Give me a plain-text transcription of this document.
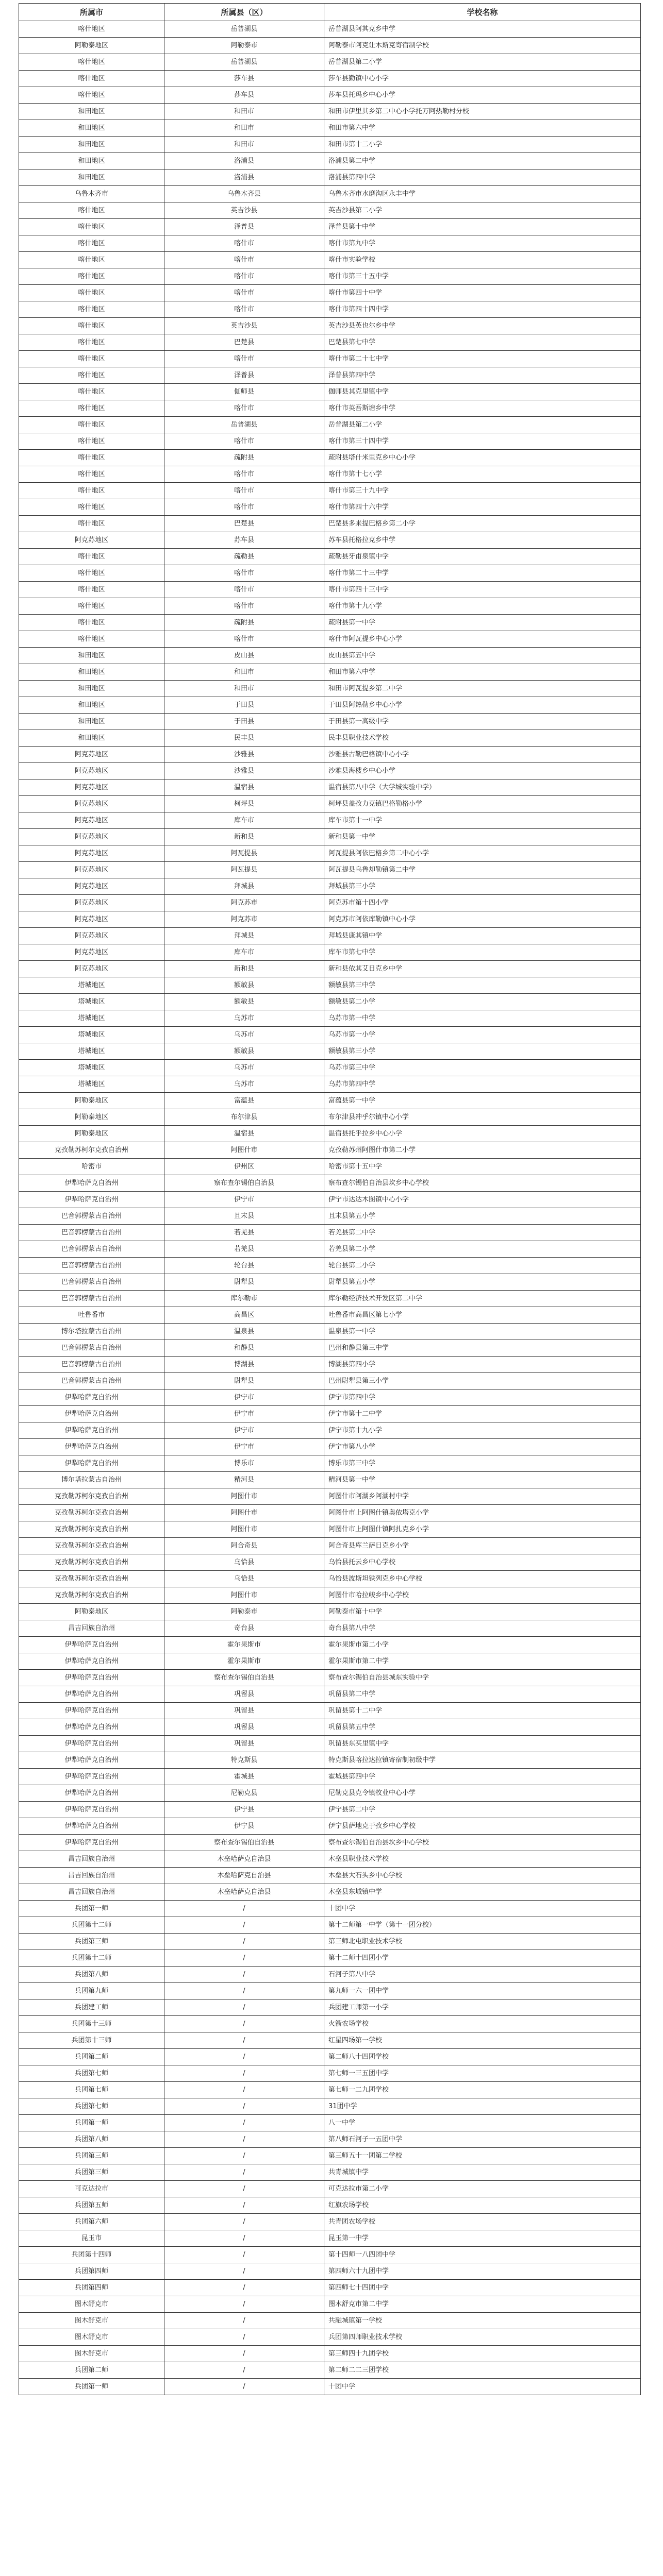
所属市	所属县（区）	学校名称
喀什地区	岳普湖县	岳普湖县阿其克乡中学
阿勒泰地区	阿勒泰市	阿勒泰市阿克让木斯克寄宿制学校
喀什地区	岳普湖县	岳普湖县第二小学
喀什地区	莎车县	莎车县勤镇中心小学
喀什地区	莎车县	莎车县托玛乡中心小学
和田地区	和田市	和田市伊里其乡第二中心小学托万阿热勒村分校
和田地区	和田市	和田市第六中学
和田地区	和田市	和田市第十二小学
和田地区	洛浦县	洛浦县第二中学
和田地区	洛浦县	洛浦县第四中学
乌鲁木齐市	乌鲁木齐县	乌鲁木齐市水磨沟区永丰中学
喀什地区	英吉沙县	英吉沙县第二小学
喀什地区	泽普县	泽普县第十中学
喀什地区	喀什市	喀什市第九中学
喀什地区	喀什市	喀什市实验学校
喀什地区	喀什市	喀什市第三十五中学
喀什地区	喀什市	喀什市第四十中学
喀什地区	喀什市	喀什市第四十四中学
喀什地区	英吉沙县	英吉沙县英也尔乡中学
喀什地区	巴楚县	巴楚县第七中学
喀什地区	喀什市	喀什市第二十七中学
喀什地区	泽普县	泽普县第四中学
喀什地区	伽师县	伽师县其克里镇中学
喀什地区	喀什市	喀什市英吾斯塘乡中学
喀什地区	岳普湖县	岳普湖县第二小学
喀什地区	喀什市	喀什市第三十四中学
喀什地区	疏附县	疏附县塔什米里克乡中心小学
喀什地区	喀什市	喀什市第十七小学
喀什地区	喀什市	喀什市第三十九中学
喀什地区	喀什市	喀什市第四十六中学
喀什地区	巴楚县	巴楚县多来提巴格乡第二小学
阿克苏地区	苏车县	苏车县托格拉克乡中学
喀什地区	疏勒县	疏勒县牙甫泉镇中学
喀什地区	喀什市	喀什市第二十三中学
喀什地区	喀什市	喀什市第四十三中学
喀什地区	喀什市	喀什市第十九小学
喀什地区	疏附县	疏附县第一中学
喀什地区	喀什市	喀什市阿瓦提乡中心小学
和田地区	皮山县	皮山县第五中学
和田地区	和田市	和田市第六中学
和田地区	和田市	和田市阿瓦提乡第二中学
和田地区	于田县	于田县阿热勒乡中心小学
和田地区	于田县	于田县第一高级中学
和田地区	民丰县	民丰县职业技术学校
阿克苏地区	沙雅县	沙雅县古勒巴格镇中心小学
阿克苏地区	沙雅县	沙雅县海楼乡中心小学
阿克苏地区	温宿县	温宿县第八中学（大学城实验中学）
阿克苏地区	柯坪县	柯坪县盖孜力克镇巴格勒格小学
阿克苏地区	库车市	库车市第十一中学
阿克苏地区	新和县	新和县第一中学
阿克苏地区	阿瓦提县	阿瓦提县阿依巴格乡第二中心小学
阿克苏地区	阿瓦提县	阿瓦提县乌鲁却勒镇第二中学
阿克苏地区	拜城县	拜城县第三小学
阿克苏地区	阿克苏市	阿克苏市第十四小学
阿克苏地区	阿克苏市	阿克苏市阿依库勒镇中心小学
阿克苏地区	拜城县	拜城县康其镇中学
阿克苏地区	库车市	库车市第七中学
阿克苏地区	新和县	新和县依其艾日克乡中学
塔城地区	额敏县	额敏县第三中学
塔城地区	额敏县	额敏县第二小学
塔城地区	乌苏市	乌苏市第一中学
塔城地区	乌苏市	乌苏市第一小学
塔城地区	额敏县	额敏县第三小学
塔城地区	乌苏市	乌苏市第三中学
塔城地区	乌苏市	乌苏市第四中学
阿勒泰地区	富蕴县	富蕴县第一中学
阿勒泰地区	布尔津县	布尔津县冲乎尔镇中心小学
阿勒泰地区	温宿县	温宿县托乎拉乡中心小学
克孜勒苏柯尔克孜自治州	阿图什市	克孜勒苏州阿图什市第二小学
哈密市	伊州区	哈密市第十五中学
伊犁哈萨克自治州	察布查尔锡伯自治县	察布查尔锡伯自治县坎乡中心学校
伊犁哈萨克自治州	伊宁市	伊宁市达达木图镇中心小学
巴音郭楞蒙古自治州	且末县	且末县第五小学
巴音郭楞蒙古自治州	若羌县	若羌县第二中学
巴音郭楞蒙古自治州	若羌县	若羌县第二小学
巴音郭楞蒙古自治州	轮台县	轮台县第二小学
巴音郭楞蒙古自治州	尉犁县	尉犁县第五小学
巴音郭楞蒙古自治州	库尔勒市	库尔勒经济技术开发区第二中学
吐鲁番市	高昌区	吐鲁番市高昌区第七小学
博尔塔拉蒙古自治州	温泉县	温泉县第一中学
巴音郭楞蒙古自治州	和静县	巴州和静县第三中学
巴音郭楞蒙古自治州	博湖县	博湖县第四小学
巴音郭楞蒙古自治州	尉犁县	巴州尉犁县第三小学
伊犁哈萨克自治州	伊宁市	伊宁市第四中学
伊犁哈萨克自治州	伊宁市	伊宁市第十二中学
伊犁哈萨克自治州	伊宁市	伊宁市第十九小学
伊犁哈萨克自治州	伊宁市	伊宁市第八小学
伊犁哈萨克自治州	博乐市	博乐市第三中学
博尔塔拉蒙古自治州	精河县	精河县第一中学
克孜勒苏柯尔克孜自治州	阿图什市	阿图什市阿湖乡阿湖村中学
克孜勒苏柯尔克孜自治州	阿图什市	阿图什市上阿图什镇奥依塔克小学
克孜勒苏柯尔克孜自治州	阿图什市	阿图什市上阿图什镇阿扎克乡小学
克孜勒苏柯尔克孜自治州	阿合奇县	阿合奇县库兰萨日克乡小学
克孜勒苏柯尔克孜自治州	乌恰县	乌恰县托云乡中心学校
克孜勒苏柯尔克孜自治州	乌恰县	乌恰县波斯坦铁列克乡中心学校
克孜勒苏柯尔克孜自治州	阿图什市	阿图什市哈拉峻乡中心学校
阿勒泰地区	阿勒泰市	阿勒泰市第十中学
昌吉回族自治州	奇台县	奇台县第八中学
伊犁哈萨克自治州	霍尔果斯市	霍尔果斯市第二小学
伊犁哈萨克自治州	霍尔果斯市	霍尔果斯市第二中学
伊犁哈萨克自治州	察布查尔锡伯自治县	察布查尔锡伯自治县城东实验中学
伊犁哈萨克自治州	巩留县	巩留县第二中学
伊犁哈萨克自治州	巩留县	巩留县第十二中学
伊犁哈萨克自治州	巩留县	巩留县第五中学
伊犁哈萨克自治州	巩留县	巩留县东买里镇中学
伊犁哈萨克自治州	特克斯县	特克斯县喀拉达拉镇寄宿制初级中学
伊犁哈萨克自治州	霍城县	霍城县第四中学
伊犁哈萨克自治州	尼勒克县	尼勒克县克令镇牧业中心小学
伊犁哈萨克自治州	伊宁县	伊宁县第二中学
伊犁哈萨克自治州	伊宁县	伊宁县萨地克于孜乡中心学校
伊犁哈萨克自治州	察布查尔锡伯自治县	察布查尔锡伯自治县坎乡中心学校
昌吉回族自治州	木垒哈萨克自治县	木垒县职业技术学校
昌吉回族自治州	木垒哈萨克自治县	木垒县大石头乡中心学校
昌吉回族自治州	木垒哈萨克自治县	木垒县东城镇中学
兵团第一师	/	十团中学
兵团第十二师	/	第十二师第一中学（第十一团分校）
兵团第三师	/	第三师北屯职业技术学校
兵团第十二师	/	第十二师十四团小学
兵团第八师	/	石河子第八中学
兵团第九师	/	第九师一六一团中学
兵团建工师	/	兵团建工师第一小学
兵团第十三师	/	火箭农场学校
兵团第十三师	/	红星四场第一学校
兵团第二师	/	第二师八十四团学校
兵团第七师	/	第七师一三五团中学
兵团第七师	/	第七师一二九团学校
兵团第七师	/	31团中学
兵团第一师	/	八一中学
兵团第八师	/	第八师石河子一五团中学
兵团第三师	/	第三师五十一团第二学校
兵团第三师	/	共青城镇中学
可克达拉市	/	可克达拉市第二小学
兵团第五师	/	红旗农场学校
兵团第六师	/	共青团农场学校
昆玉市	/	昆玉第一中学
兵团第十四师	/	第十四师一八四团中学
兵团第四师	/	第四师六十九团中学
兵团第四师	/	第四师七十四团中学
图木舒克市	/	图木舒克市第二中学
图木舒克市	/	共融城镇第一学校
图木舒克市	/	兵团第四师职业技术学校
图木舒克市	/	第三师四十九团学校
兵团第二师	/	第二师二二三团学校
兵团第一师	/	十团中学
